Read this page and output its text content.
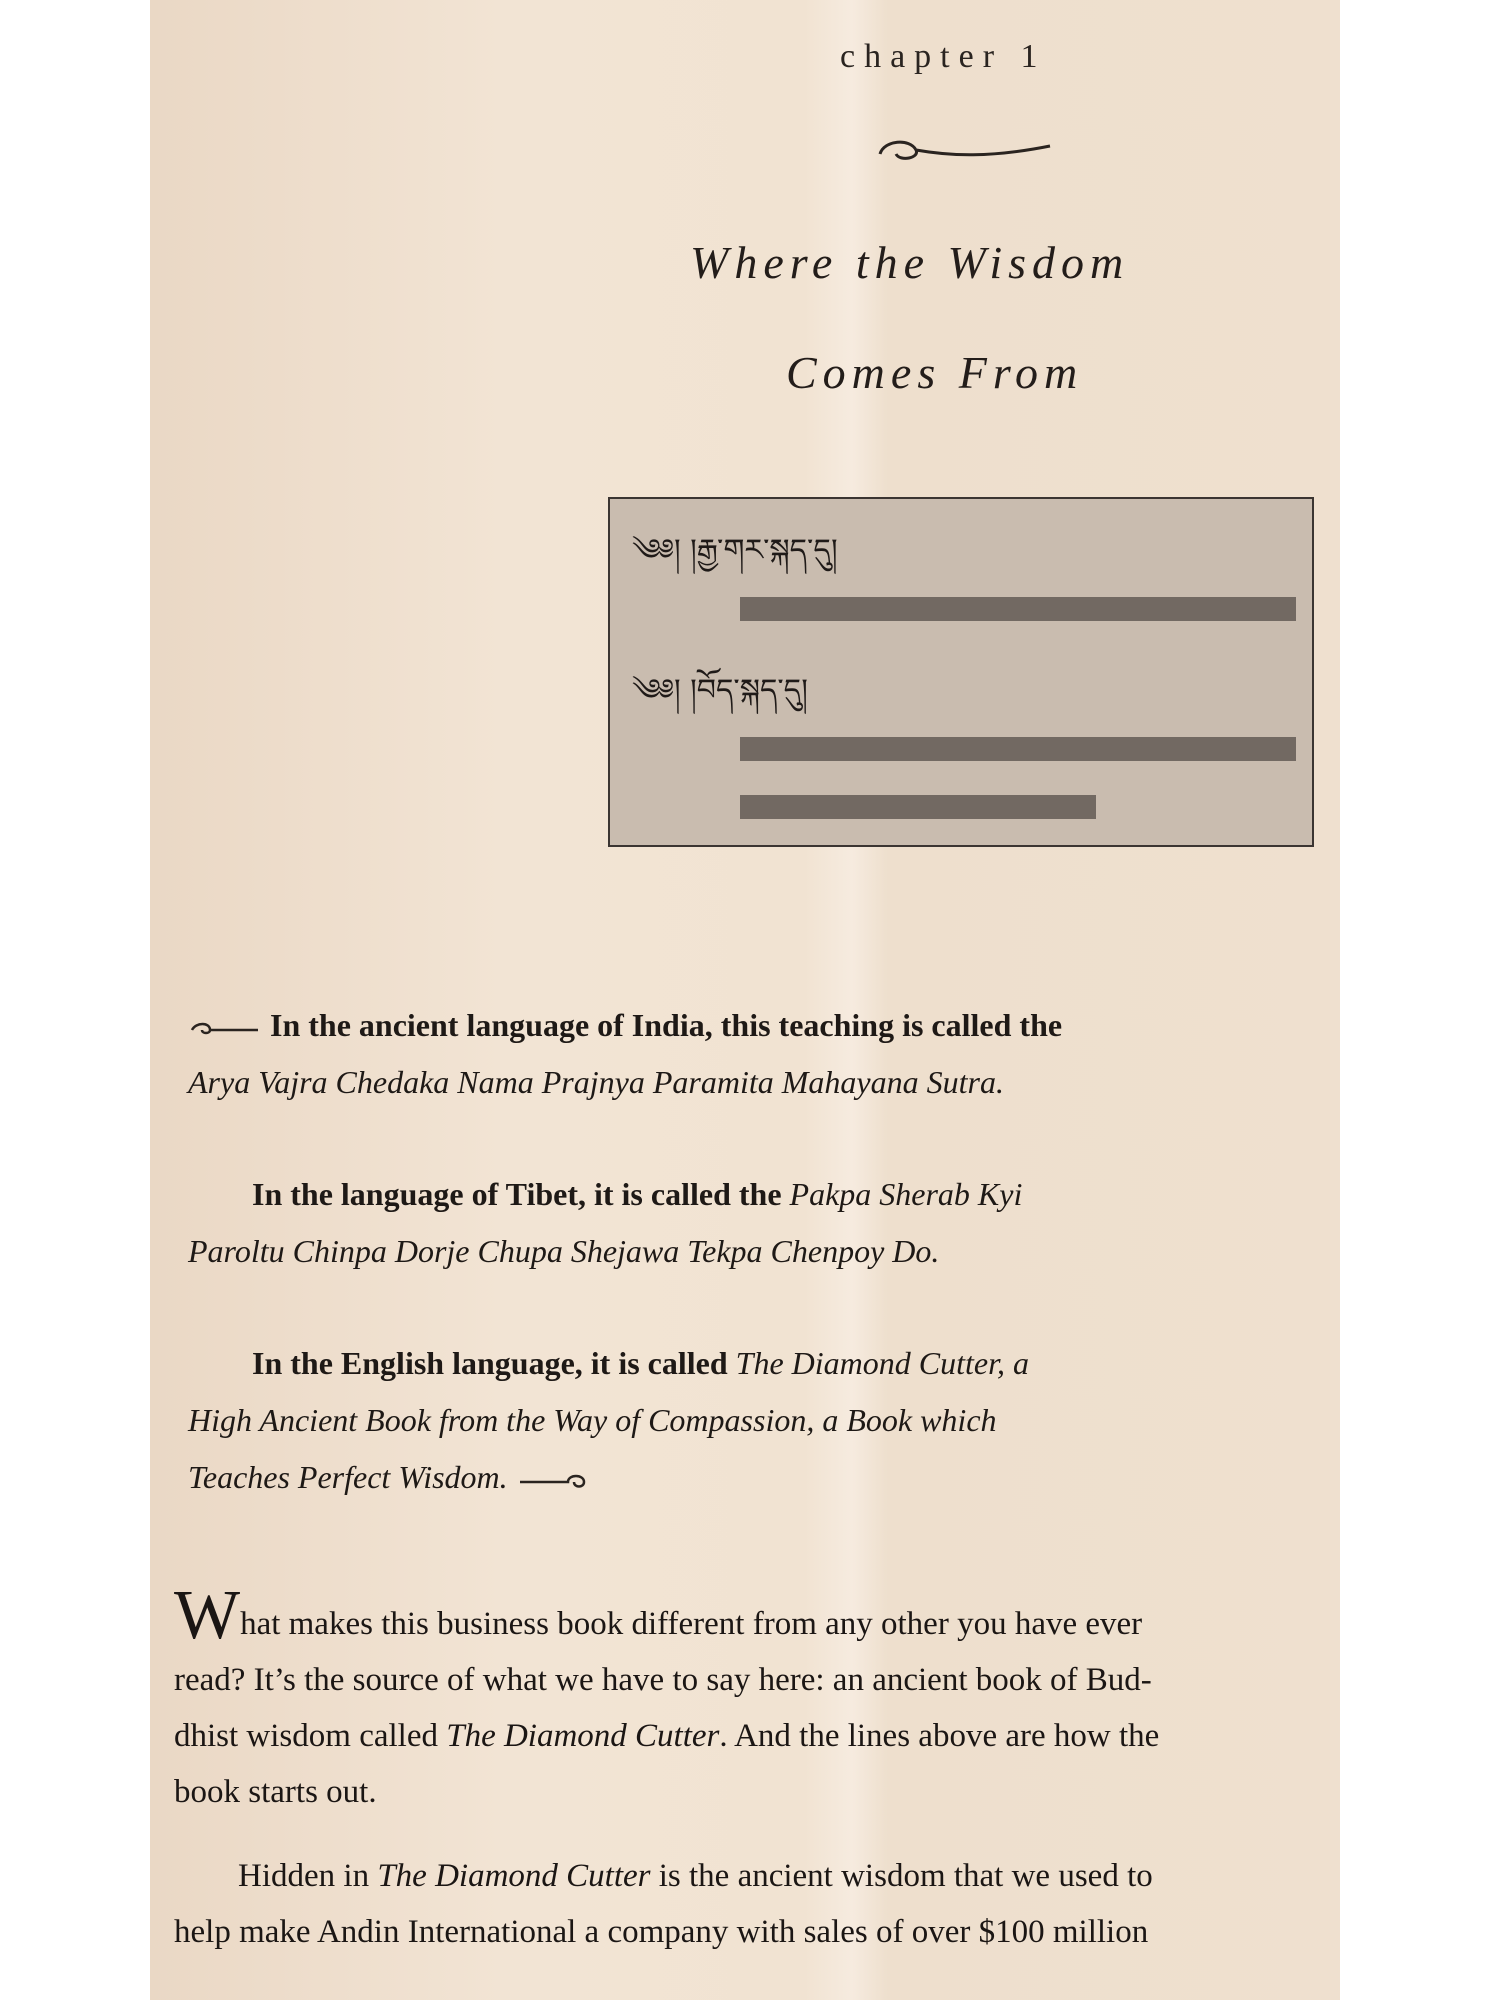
chapter 1
Where the Wisdom
Comes From
༄༅། །རྒྱ་གར་སྐད་དུ།
༄༅། །བོད་སྐད་དུ།
In the ancient language of India, this teaching is called the
Arya Vajra Chedaka Nama Prajnya Paramita Mahayana Sutra.
In the language of Tibet, it is called the Pakpa Sherab Kyi
Paroltu Chinpa Dorje Chupa Shejawa Tekpa Chenpoy Do.
In the English language, it is called The Diamond Cutter, a
High Ancient Book from the Way of Compassion, a Book which
Teaches Perfect Wisdom.
What makes this business book different from any other you have ever
read? It’s the source of what we have to say here: an ancient book of Bud-
dhist wisdom called The Diamond Cutter. And the lines above are how the
book starts out.
Hidden in The Diamond Cutter is the ancient wisdom that we used to
help make Andin International a company with sales of over $100 million
